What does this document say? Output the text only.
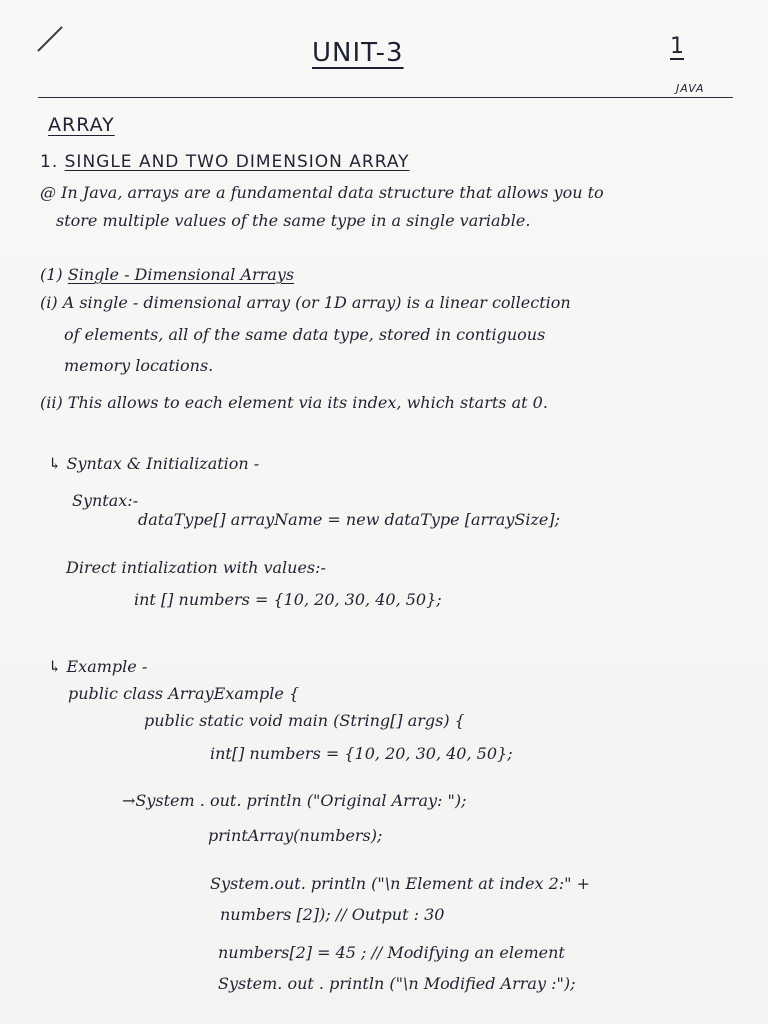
UNIT-3	1
JAVA
ARRAY
1. SINGLE AND TWO DIMENSION ARRAY
@ In Java, arrays are a fundamental data structure that allows you to
store multiple values of the same type in a single variable.
(1) Single - Dimensional Arrays
(i) A single - dimensional array (or 1D array) is a linear collection
of elements, all of the same data type, stored in contiguous
memory locations.
(ii) This allows to each element via its index, which starts at 0.
↳ Syntax & Initialization -
Syntax:-
dataType[] arrayName = new dataType [arraySize];
Direct intialization with values:-
int [] numbers = {10, 20, 30, 40, 50};
↳ Example -
public class ArrayExample {
public static void main (String[] args) {
int[] numbers = {10, 20, 30, 40, 50};
→System . out. println ("Original Array: ");
printArray(numbers);
System.out. println ("\n Element at index 2:" +
numbers [2]); // Output : 30
numbers[2] = 45 ; // Modifying an element
System. out . println ("\n Modified Array :");
